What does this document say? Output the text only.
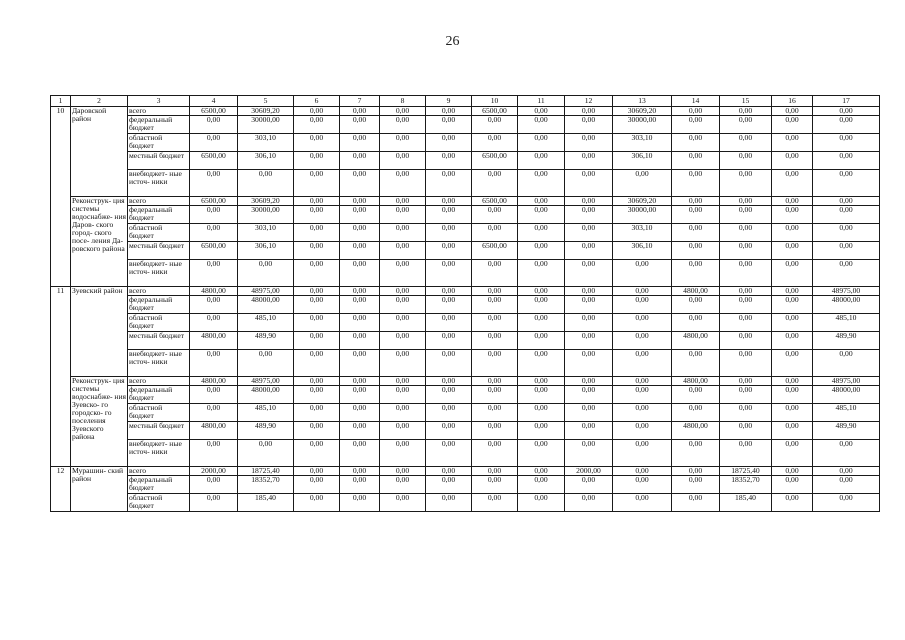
26
1	2	3	4	5	6	7	8	9	10	11	12	13	14	15	16	17
10	Даровской район	всего	6500,00	30609,20	0,00	0,00	0,00	0,00	6500,00	0,00	0,00	30609,20	0,00	0,00	0,00	0,00
		федеральный бюджет	0,00	30000,00	0,00	0,00	0,00	0,00	0,00	0,00	0,00	30000,00	0,00	0,00	0,00	0,00
		областной бюджет	0,00	303,10	0,00	0,00	0,00	0,00	0,00	0,00	0,00	303,10	0,00	0,00	0,00	0,00
		местный бюджет	6500,00	306,10	0,00	0,00	0,00	0,00	6500,00	0,00	0,00	306,10	0,00	0,00	0,00	0,00
		внебюджет- ные источ- ники	0,00	0,00	0,00	0,00	0,00	0,00	0,00	0,00	0,00	0,00	0,00	0,00	0,00	0,00
	Реконструк- ция системы водоснабже- ния Даров- ского город- ского посе- ления Да- ровского района	всего	6500,00	30609,20	0,00	0,00	0,00	0,00	6500,00	0,00	0,00	30609,20	0,00	0,00	0,00	0,00
		федеральный бюджет	0,00	30000,00	0,00	0,00	0,00	0,00	0,00	0,00	0,00	30000,00	0,00	0,00	0,00	0,00
		областной бюджет	0,00	303,10	0,00	0,00	0,00	0,00	0,00	0,00	0,00	303,10	0,00	0,00	0,00	0,00
		местный бюджет	6500,00	306,10	0,00	0,00	0,00	0,00	6500,00	0,00	0,00	306,10	0,00	0,00	0,00	0,00
		внебюджет- ные источ- ники	0,00	0,00	0,00	0,00	0,00	0,00	0,00	0,00	0,00	0,00	0,00	0,00	0,00	0,00
11	Зуевский район	всего	4800,00	48975,00	0,00	0,00	0,00	0,00	0,00	0,00	0,00	0,00	4800,00	0,00	0,00	48975,00
		федеральный бюджет	0,00	48000,00	0,00	0,00	0,00	0,00	0,00	0,00	0,00	0,00	0,00	0,00	0,00	48000,00
		областной бюджет	0,00	485,10	0,00	0,00	0,00	0,00	0,00	0,00	0,00	0,00	0,00	0,00	0,00	485,10
		местный бюджет	4800,00	489,90	0,00	0,00	0,00	0,00	0,00	0,00	0,00	0,00	4800,00	0,00	0,00	489,90
		внебюджет- ные источ- ники	0,00	0,00	0,00	0,00	0,00	0,00	0,00	0,00	0,00	0,00	0,00	0,00	0,00	0,00
	Реконструк- ция системы водоснабже- ния Зуевско- го городско- го поселения Зуевского района	всего	4800,00	48975,00	0,00	0,00	0,00	0,00	0,00	0,00	0,00	0,00	4800,00	0,00	0,00	48975,00
		федеральный бюджет	0,00	48000,00	0,00	0,00	0,00	0,00	0,00	0,00	0,00	0,00	0,00	0,00	0,00	48000,00
		областной бюджет	0,00	485,10	0,00	0,00	0,00	0,00	0,00	0,00	0,00	0,00	0,00	0,00	0,00	485,10
		местный бюджет	4800,00	489,90	0,00	0,00	0,00	0,00	0,00	0,00	0,00	0,00	4800,00	0,00	0,00	489,90
		внебюджет- ные источ- ники	0,00	0,00	0,00	0,00	0,00	0,00	0,00	0,00	0,00	0,00	0,00	0,00	0,00	0,00
12	Мурашин- ский район	всего	2000,00	18725,40	0,00	0,00	0,00	0,00	0,00	0,00	2000,00	0,00	0,00	18725,40	0,00	0,00
		федеральный бюджет	0,00	18352,70	0,00	0,00	0,00	0,00	0,00	0,00	0,00	0,00	0,00	18352,70	0,00	0,00
		областной бюджет	0,00	185,40	0,00	0,00	0,00	0,00	0,00	0,00	0,00	0,00	0,00	185,40	0,00	0,00
